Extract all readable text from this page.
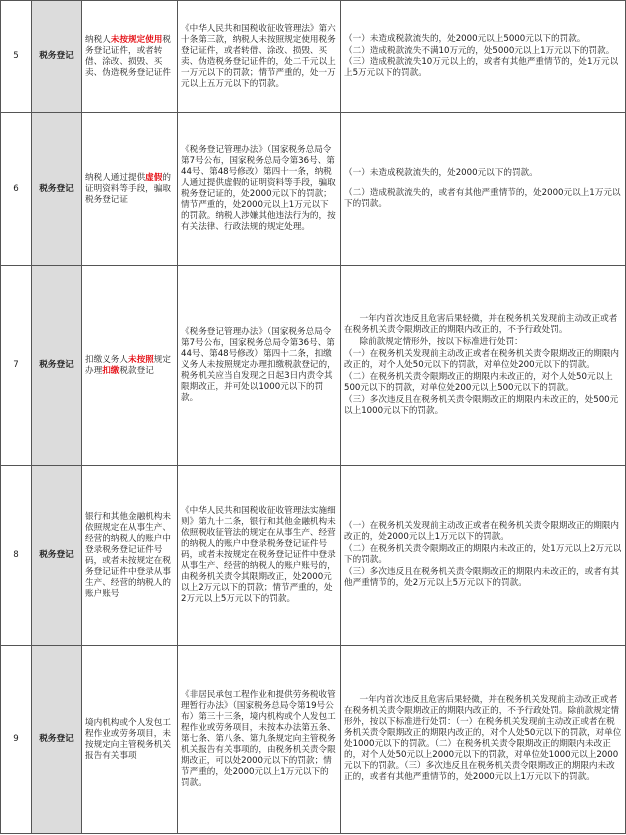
5	税务登记	纳税人未按规定使用税务登记证件，或者转借、涂改、损毁、买卖、伪造税务登记证件	《中华人民共和国税收征收管理法》第六十条第三款，纳税人未按照规定使用税务登记证件，或者转借、涂改、损毁、买卖、伪造税务登记证件的，处二千元以上一万元以下的罚款；情节严重的，处一万元以上五万元以下的罚款。	（一）未造成税款流失的，处2000元以上5000元以下的罚款。

（二）造成税款流失不满10万元的，处5000元以上1万元以下的罚款。（三）造成税款流失10万元以上的，或者有其他严重情节的，处1万元以上5万元以下的罚款。

6	税务登记	纳税人通过提供虚假的证明资料等手段，骗取税务登记证	《税务登记管理办法》（国家税务总局令第7号公布，国家税务总局令第36号、第44号、第48号修改）第四十一条，纳税人通过提供虚假的证明资料等手段，骗取税务登记证的，处2000元以下的罚款；情节严重的，处2000元以上1万元以下的罚款。纳税人涉嫌其他违法行为的，按有关法律、行政法规的规定处理。	（一）未造成税款流失的，处2000元以下的罚款。

（二）造成税款流失的，或者有其他严重情节的，处2000元以上1万元以下的罚款。

7	税务登记	扣缴义务人未按照规定办理扣缴税款登记	《税务登记管理办法》（国家税务总局令第7号公布，国家税务总局令第36号、第44号、第48号修改）第四十二条，扣缴义务人未按照规定办理扣缴税款登记的，税务机关应当自发现之日起3日内责令其限期改正，并可处以1000元以下的罚款。	一年内首次违反且危害后果轻微，并在税务机关发现前主动改正或者在税务机关责令限期改正的期限内改正的，不予行政处罚。

除前款规定情形外，按以下标准进行处罚：

（一）在税务机关发现前主动改正或者在税务机关责令限期改正的期限内改正的，对个人处50元以下的罚款，对单位处200元以下的罚款。

（二）在税务机关责令限期改正的期限内未改正的，对个人处50元以上500元以下的罚款，对单位处200元以上500元以下的罚款。

（三）多次违反且在税务机关责令限期改正的期限内未改正的，处500元以上1000元以下的罚款。

8	税务登记	银行和其他金融机构未依照规定在从事生产、经营的纳税人的账户中登录税务登记证件号码，或者未按规定在税务登记证件中登录从事生产、经营的纳税人的账户账号	《中华人民共和国税收征收管理法实施细则》第九十二条，银行和其他金融机构未依照税收征管法的规定在从事生产、经营的纳税人的账户中登录税务登记证件号码，或者未按规定在税务登记证件中登录从事生产、经营的纳税人的账户账号的，由税务机关责令其限期改正，处2000元以上2万元以下的罚款；情节严重的，处2万元以上5万元以下的罚款。	（一）在税务机关发现前主动改正或者在税务机关责令限期改正的期限内改正的，处2000元以上1万元以下的罚款。

（二）在税务机关责令限期改正的期限内未改正的，处1万元以上2万元以下的罚款。

（三）多次违反且在税务机关责令限期改正的期限内未改正的，或者有其他严重情节的，处2万元以上5万元以下的罚款。

9	税务登记	境内机构或个人发包工程作业或劳务项目，未按规定向主管税务机关报告有关事项	《非居民承包工程作业和提供劳务税收管理暂行办法》（国家税务总局令第19号公布）第三十三条，境内机构或个人发包工程作业或劳务项目，未按本办法第五条、第七条、第八条、第九条规定向主管税务机关报告有关事项的，由税务机关责令限期改正，可以处2000元以下的罚款；情节严重的，处2000元以上1万元以下的罚款。	一年内首次违反且危害后果轻微，并在税务机关发现前主动改正或者在税务机关责令限期改正的期限内改正的，不予行政处罚。除前款规定情形外，按以下标准进行处罚：（一）在税务机关发现前主动改正或者在税务机关责令限期改正的期限内改正的，对个人处50元以下的罚款，对单位处1000元以下的罚款。（二）在税务机关责令限期改正的期限内未改正的，对个人处50元以上2000元以下的罚款，对单位处1000元以上2000元以下的罚款。（三）多次违反且在税务机关责令限期改正的期限内未改正的，或者有其他严重情节的，处2000元以上1万元以下的罚款。
